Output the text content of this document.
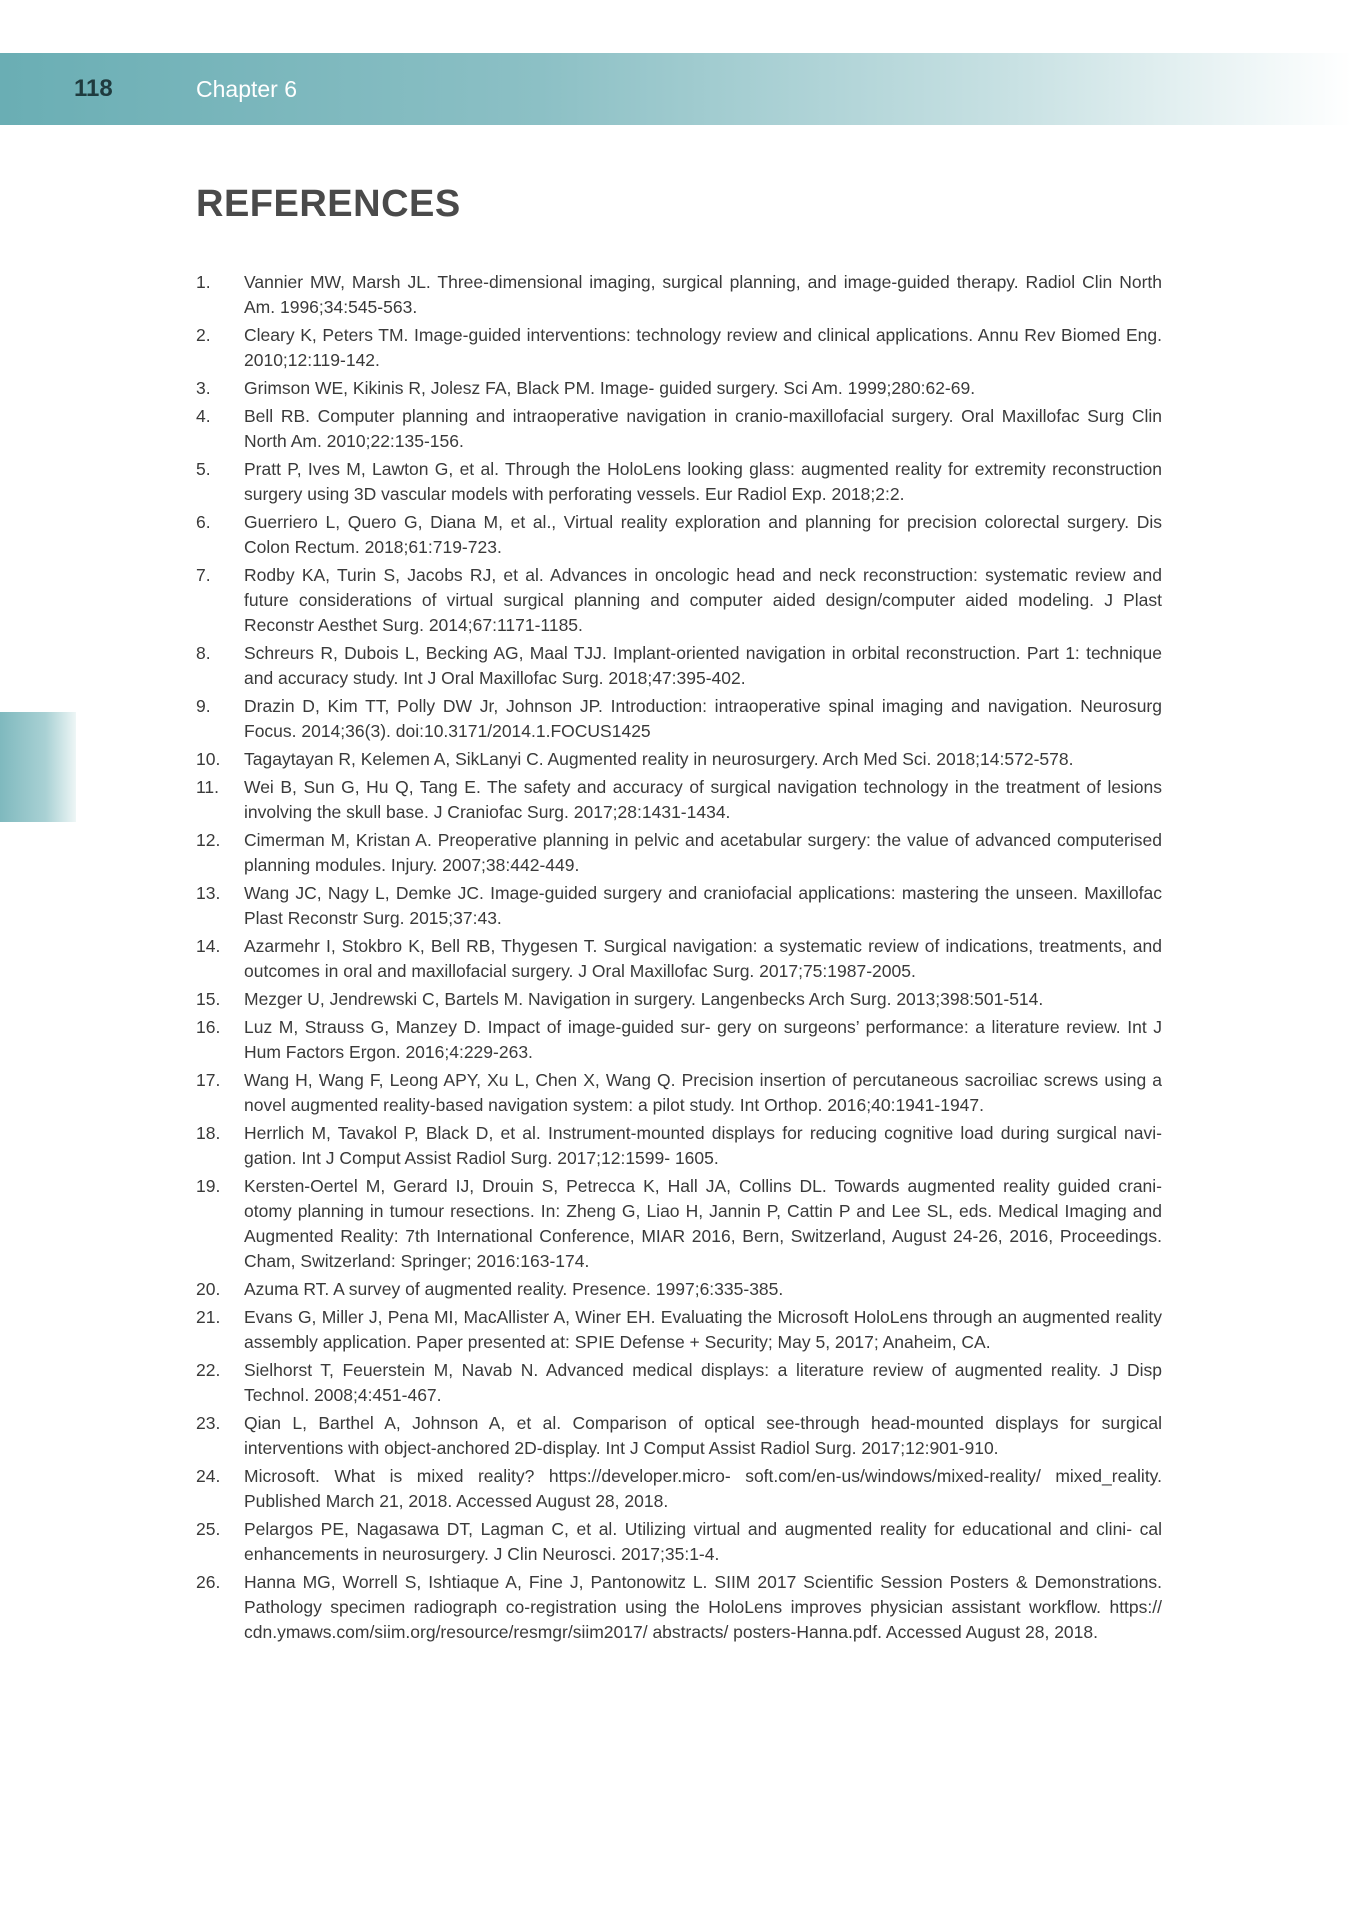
118	Chapter 6
REFERENCES
1.	Vannier MW, Marsh JL. Three-dimensional imaging, surgical planning, and image-guided therapy. Radiol Clin North Am. 1996;34:545-563.
2.	Cleary K, Peters TM. Image-guided interventions: technology review and clinical applications. Annu Rev Biomed Eng. 2010;12:119-142.
3.	Grimson WE, Kikinis R, Jolesz FA, Black PM. Image- guided surgery. Sci Am. 1999;280:62-69.
4.	Bell RB. Computer planning and intraoperative navigation in cranio-maxillofacial surgery. Oral Maxillofac Surg Clin North Am. 2010;22:135-156.
5.	Pratt P, Ives M, Lawton G, et al. Through the HoloLens looking glass: augmented reality for extremity reconstruction surgery using 3D vascular models with perforating vessels. Eur Radiol Exp. 2018;2:2.
6.	Guerriero L, Quero G, Diana M, et al., Virtual reality exploration and planning for precision colorectal surgery. Dis Colon Rectum. 2018;61:719-723.
7.	Rodby KA, Turin S, Jacobs RJ, et al. Advances in oncologic head and neck reconstruction: systematic review and future considerations of virtual surgical planning and computer aided design/computer aided modeling. J Plast Reconstr Aesthet Surg. 2014;67:1171-1185.
8.	Schreurs R, Dubois L, Becking AG, Maal TJJ. Implant-oriented navigation in orbital reconstruction. Part 1: technique and accuracy study. Int J Oral Maxillofac Surg. 2018;47:395-402.
9.	Drazin D, Kim TT, Polly DW Jr, Johnson JP. Introduction: intraoperative spinal imaging and navigation. Neurosurg Focus. 2014;36(3). doi:10.3171/2014.1.FOCUS1425
10.	Tagaytayan R, Kelemen A, SikLanyi C. Augmented reality in neurosurgery. Arch Med Sci. 2018;14:572-578.
11.	Wei B, Sun G, Hu Q, Tang E. The safety and accuracy of surgical navigation technology in the treatment of lesions involving the skull base. J Craniofac Surg. 2017;28:1431-1434.
12.	Cimerman M, Kristan A. Preoperative planning in pelvic and acetabular surgery: the value of advanced computerised planning modules. Injury. 2007;38:442-449.
13.	Wang JC, Nagy L, Demke JC. Image-guided surgery and craniofacial applications: mastering the unseen. Maxillofac Plast Reconstr Surg. 2015;37:43.
14.	Azarmehr I, Stokbro K, Bell RB, Thygesen T. Surgical navigation: a systematic review of indications, treatments, and outcomes in oral and maxillofacial surgery. J Oral Maxillofac Surg. 2017;75:1987-2005.
15.	Mezger U, Jendrewski C, Bartels M. Navigation in surgery. Langenbecks Arch Surg. 2013;398:501-514.
16.	Luz M, Strauss G, Manzey D. Impact of image-guided sur- gery on surgeons’ performance: a literature review. Int J Hum Factors Ergon. 2016;4:229-263.
17.	Wang H, Wang F, Leong APY, Xu L, Chen X, Wang Q. Precision insertion of percutaneous sacroiliac screws using a novel augmented reality-based navigation system: a pilot study. Int Orthop. 2016;40:1941-1947.
18.	Herrlich M, Tavakol P, Black D, et al. Instrument-mounted displays for reducing cognitive load during surgical navi- gation. Int J Comput Assist Radiol Surg. 2017;12:1599- 1605.
19.	Kersten-Oertel M, Gerard IJ, Drouin S, Petrecca K, Hall JA, Collins DL. Towards augmented reality guided crani- otomy planning in tumour resections. In: Zheng G, Liao H, Jannin P, Cattin P and Lee SL, eds. Medical Imaging and Augmented Reality: 7th International Conference, MIAR 2016, Bern, Switzerland, August 24-26, 2016, Proceedings. Cham, Switzerland: Springer; 2016:163-174.
20.	Azuma RT. A survey of augmented reality. Presence. 1997;6:335-385.
21.	Evans G, Miller J, Pena MI, MacAllister A, Winer EH. Evaluating the Microsoft HoloLens through an augmented reality assembly application. Paper presented at: SPIE Defense + Security; May 5, 2017; Anaheim, CA.
22.	Sielhorst T, Feuerstein M, Navab N. Advanced medical displays: a literature review of augmented reality. J Disp Technol. 2008;4:451-467.
23.	Qian L, Barthel A, Johnson A, et al. Comparison of optical see-through head-mounted displays for surgical interventions with object-anchored 2D-display. Int J Comput Assist Radiol Surg. 2017;12:901-910.
24.	Microsoft. What is mixed reality? https://developer.micro- soft.com/en-us/windows/mixed-reality/ mixed_reality. Published March 21, 2018. Accessed August 28, 2018.
25.	Pelargos PE, Nagasawa DT, Lagman C, et al. Utilizing virtual and augmented reality for educational and clini- cal enhancements in neurosurgery. J Clin Neurosci. 2017;35:1-4.
26.	Hanna MG, Worrell S, Ishtiaque A, Fine J, Pantonowitz L. SIIM 2017 Scientific Session Posters & Demonstrations. Pathology specimen radiograph co-registration using the HoloLens improves physician assistant workflow. https:// cdn.ymaws.com/siim.org/resource/resmgr/siim2017/ abstracts/ posters-Hanna.pdf. Accessed August 28, 2018.
